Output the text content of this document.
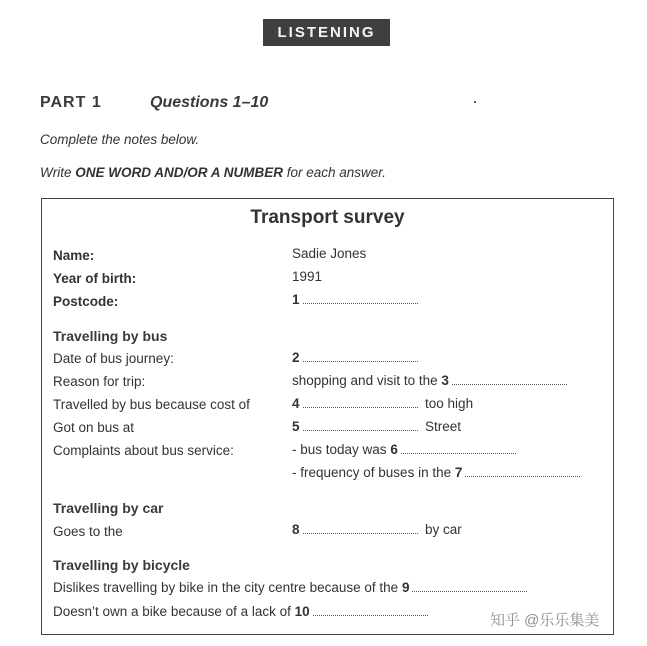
LISTENING
PART 1	Questions 1–10
Complete the notes below.
Write ONE WORD AND/OR A NUMBER for each answer.
Transport survey
Name:	Sadie Jones
Year of birth:	1991
Postcode:	1
Travelling by bus
Date of bus journey:	2
Reason for trip:	shopping and visit to the 3
Travelled by bus because cost of	4	too high
Got on bus at	5	Street
Complaints about bus service:	- bus today was 6
- frequency of buses in the 7
Travelling by car
Goes to the	8	by car
Travelling by bicycle
Dislikes travelling by bike in the city centre because of the 9
Doesn’t own a bike because of a lack of 10
知乎 @乐乐集美
